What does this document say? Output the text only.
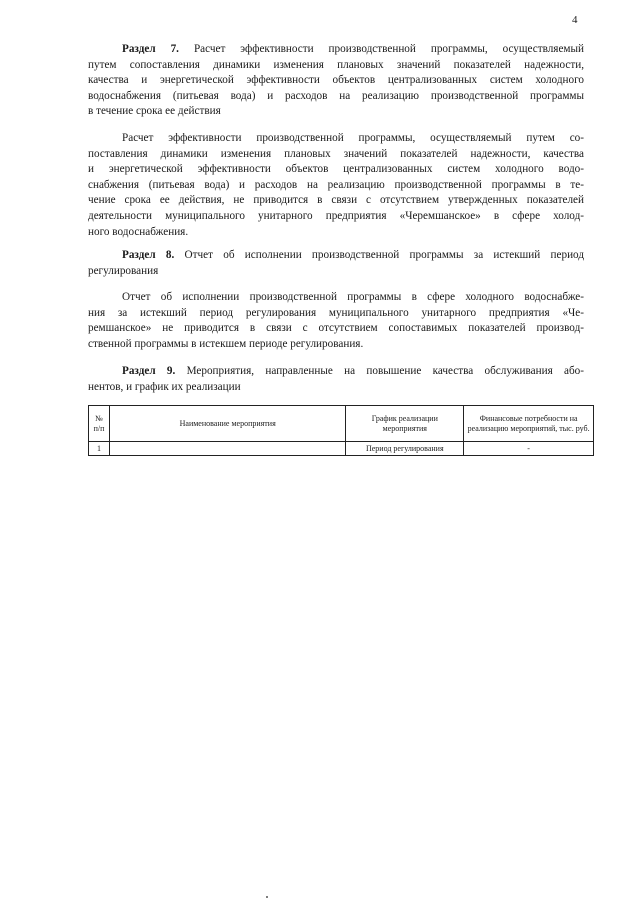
4
Раздел 7. Расчет эффективности производственной программы, осуществляемый
путем сопоставления динамики изменения плановых значений показателей надежности,
качества и энергетической эффективности объектов централизованных систем холодного
водоснабжения (питьевая вода) и расходов на реализацию производственной программы
в течение срока ее действия
Расчет эффективности производственной программы, осуществляемый путем со-
поставления динамики изменения плановых значений показателей надежности, качества
и энергетической эффективности объектов централизованных систем холодного водо-
снабжения (питьевая вода) и расходов на реализацию производственной программы в те-
чение срока ее действия, не приводится в связи с отсутствием утвержденных показателей
деятельности муниципального унитарного предприятия «Черемшанское» в сфере холод-
ного водоснабжения.
Раздел 8. Отчет об исполнении производственной программы за истекший период
регулирования
Отчет об исполнении производственной программы в сфере холодного водоснабже-
ния за истекший период регулирования муниципального унитарного предприятия «Че-
ремшанское» не приводится в связи с отсутствием сопоставимых показателей производ-
ственной программы в истекшем периоде регулирования.
Раздел 9. Мероприятия, направленные на повышение качества обслуживания або-
нентов, и график их реализации
№ п/п	Наименование мероприятия	График реализации мероприятия	Финансовые потребности на реализацию мероприятий, тыс. руб.
1		Период регулирования	-
